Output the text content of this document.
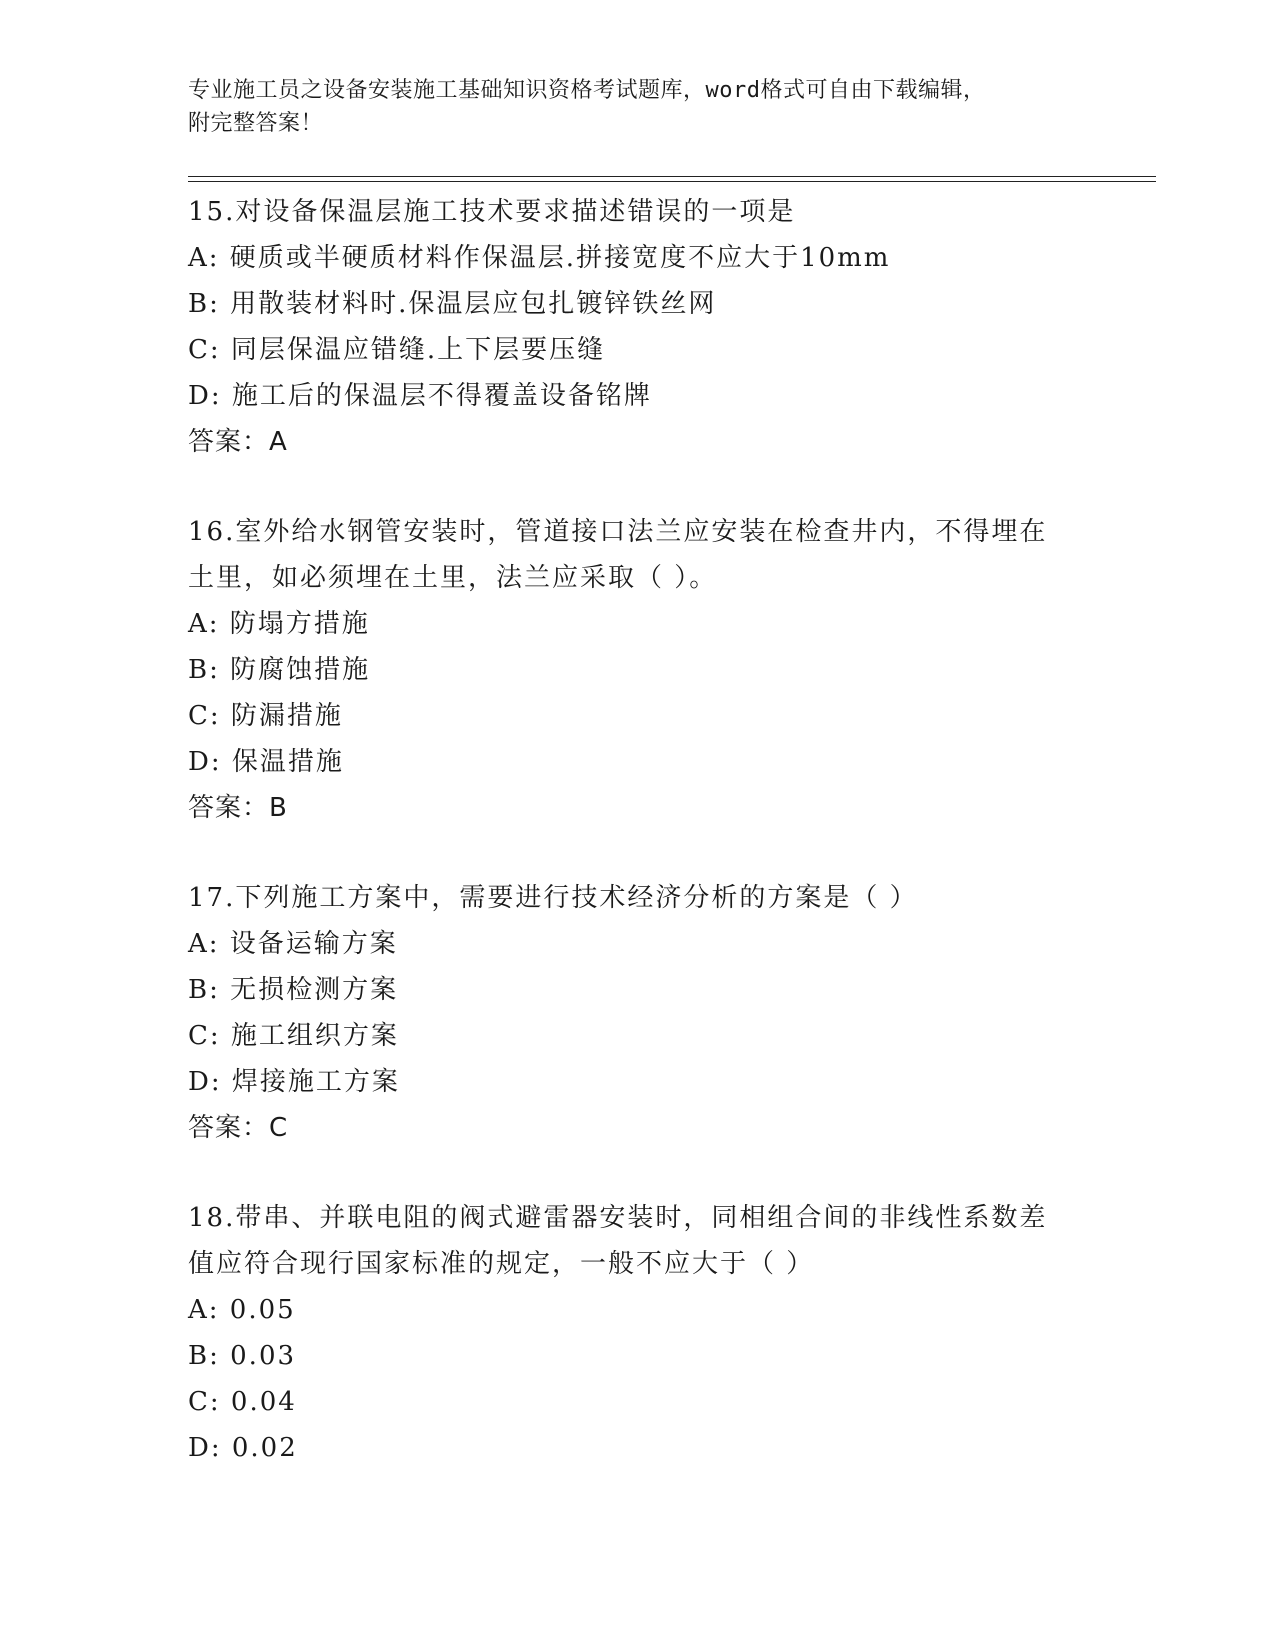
专业施工员之设备安装施工基础知识资格考试题库，word格式可自由下载编辑，
附完整答案！

15.对设备保温层施工技术要求描述错误的一项是

A: 硬质或半硬质材料作保温层.拼接宽度不应大于10mm

B: 用散装材料时.保温层应包扎镀锌铁丝网

C: 同层保温应错缝.上下层要压缝

D: 施工后的保温层不得覆盖设备铭牌

答案：A

16.室外给水钢管安装时，管道接口法兰应安装在检查井内，不得埋在

土里，如必须埋在土里，法兰应采取（ ）。

A: 防塌方措施

B: 防腐蚀措施

C: 防漏措施

D: 保温措施

答案：B

17.下列施工方案中，需要进行技术经济分析的方案是（ ）

A: 设备运输方案

B: 无损检测方案

C: 施工组织方案

D: 焊接施工方案

答案：C

18.带串、并联电阻的阀式避雷器安装时，同相组合间的非线性系数差

值应符合现行国家标准的规定，一般不应大于（ ）

A: 0.05

B: 0.03

C: 0.04

D: 0.02
